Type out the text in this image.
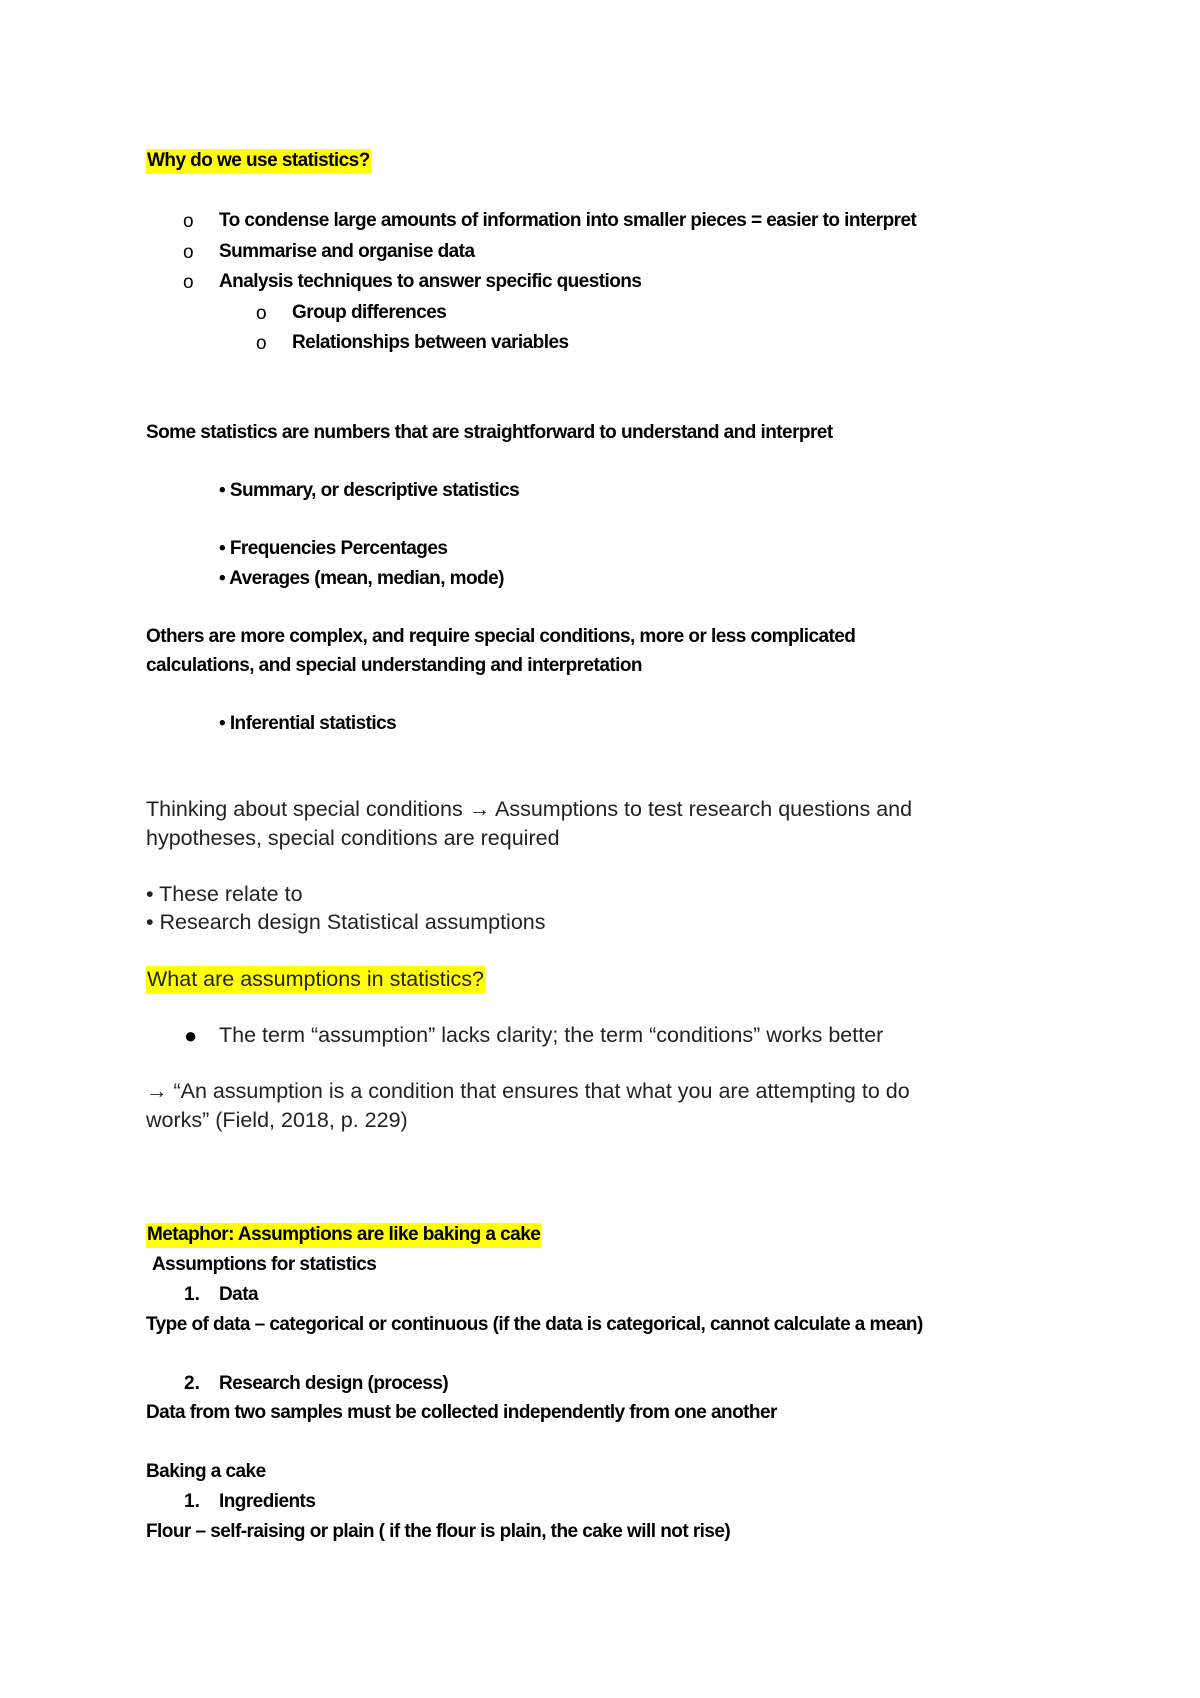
Why do we use statistics?
o To condense large amounts of information into smaller pieces = easier to interpret
o Summarise and organise data
o Analysis techniques to answer specific questions
o Group differences
o Relationships between variables
Some statistics are numbers that are straightforward to understand and interpret
• Summary, or descriptive statistics
• Frequencies Percentages
• Averages (mean, median, mode)
Others are more complex, and require special conditions, more or less complicated
calculations, and special understanding and interpretation
• Inferential statistics
Thinking about special conditions → Assumptions to test research questions and
hypotheses, special conditions are required
• These relate to
• Research design Statistical assumptions
What are assumptions in statistics?
● The term “assumption” lacks clarity; the term “conditions” works better
→ “An assumption is a condition that ensures that what you are attempting to do
works” (Field, 2018, p. 229)
Metaphor: Assumptions are like baking a cake
Assumptions for statistics
1. Data
Type of data – categorical or continuous (if the data is categorical, cannot calculate a mean)
2. Research design (process)
Data from two samples must be collected independently from one another
Baking a cake
1. Ingredients
Flour – self-raising or plain ( if the flour is plain, the cake will not rise)
